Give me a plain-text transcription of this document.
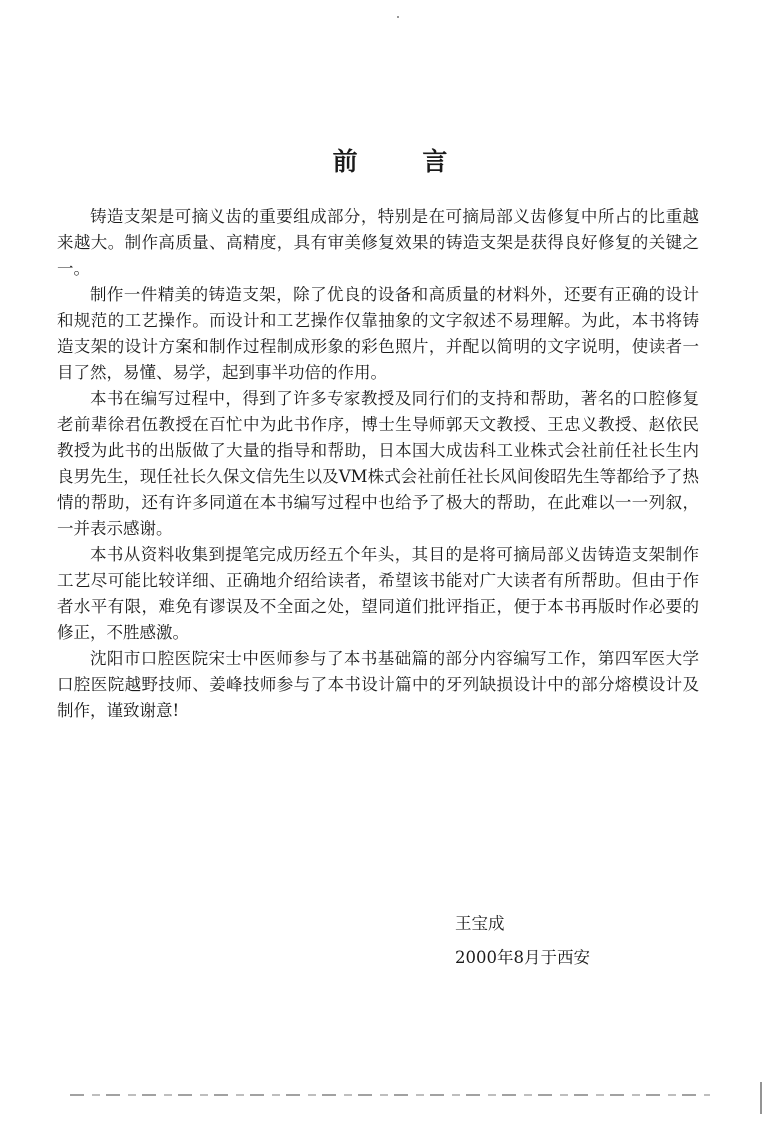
前 言

铸造支架是可摘义齿的重要组成部分，特别是在可摘局部义齿修复中所占的比重越来越大。制作高质量、高精度，具有审美修复效果的铸造支架是获得良好修复的关键之一。

制作一件精美的铸造支架，除了优良的设备和高质量的材料外，还要有正确的设计和规范的工艺操作。而设计和工艺操作仅靠抽象的文字叙述不易理解。为此，本书将铸造支架的设计方案和制作过程制成形象的彩色照片，并配以简明的文字说明，使读者一目了然，易懂、易学，起到事半功倍的作用。

本书在编写过程中，得到了许多专家教授及同行们的支持和帮助，著名的口腔修复老前辈徐君伍教授在百忙中为此书作序，博士生导师郭天文教授、王忠义教授、赵依民教授为此书的出版做了大量的指导和帮助，日本国大成齿科工业株式会社前任社长生内良男先生，现任社长久保文信先生以及VM株式会社前任社长风间俊昭先生等都给予了热情的帮助，还有许多同道在本书编写过程中也给予了极大的帮助，在此难以一一列叙，一并表示感谢。

本书从资料收集到提笔完成历经五个年头，其目的是将可摘局部义齿铸造支架制作工艺尽可能比较详细、正确地介绍给读者，希望该书能对广大读者有所帮助。但由于作者水平有限，难免有谬误及不全面之处，望同道们批评指正，便于本书再版时作必要的修正，不胜感激。

沈阳市口腔医院宋士中医师参与了本书基础篇的部分内容编写工作，第四军医大学口腔医院越野技师、姜峰技师参与了本书设计篇中的牙列缺损设计中的部分熔模设计及制作，谨致谢意!

王宝成
2000年8月于西安
